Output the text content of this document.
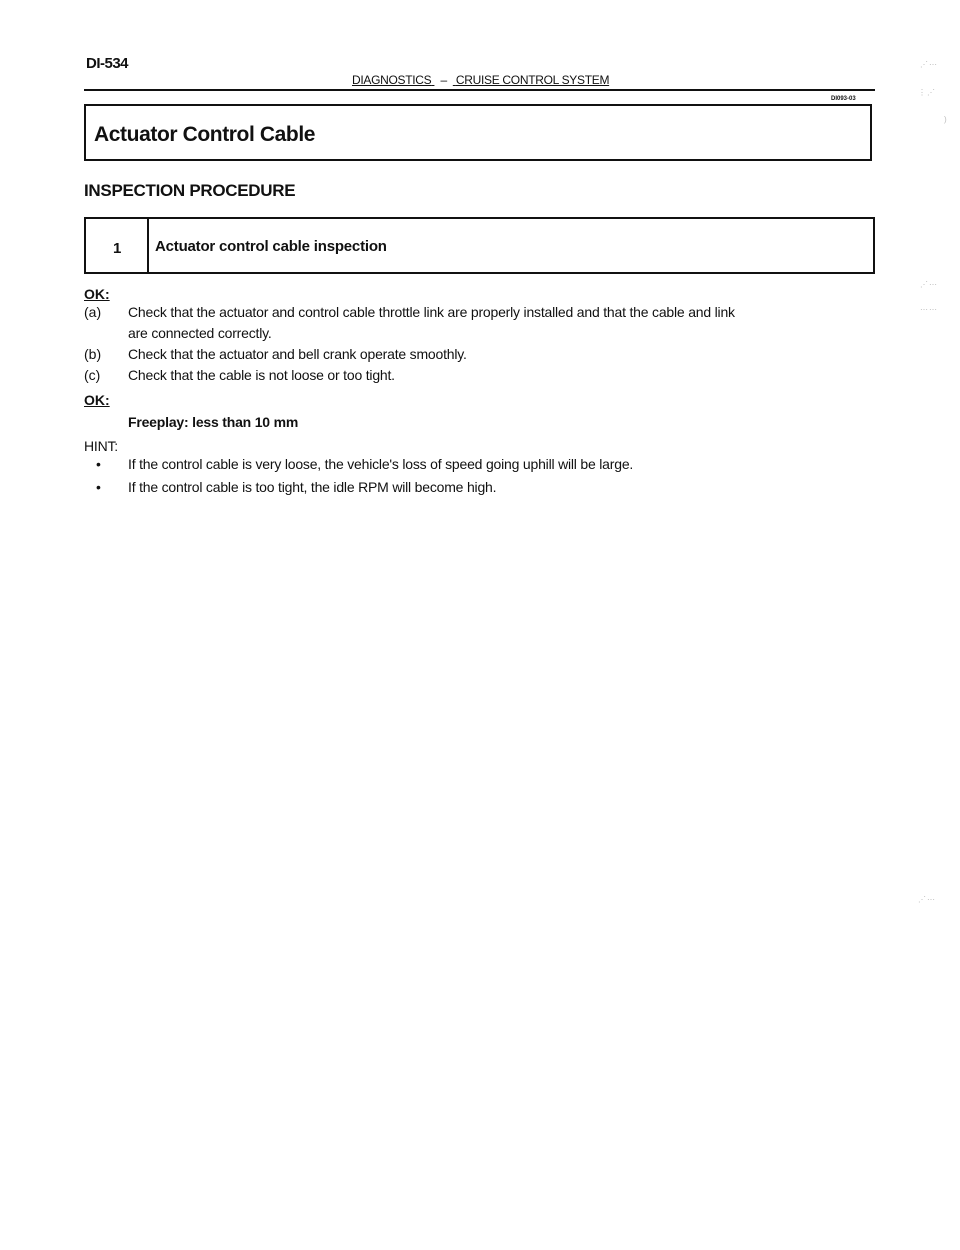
DI-534
DIAGNOSTICS – CRUISE CONTROL SYSTEM
DI093-03
Actuator Control Cable
INSPECTION PROCEDURE
1 Actuator control cable inspection
OK:
(a) Check that the actuator and control cable throttle link are properly installed and that the cable and link
are connected correctly.
(b) Check that the actuator and bell crank operate smoothly.
(c) Check that the cable is not loose or too tight.
OK:
Freeplay: less than 10 mm
HINT:
• If the control cable is very loose, the vehicle's loss of speed going uphill will be large.
• If the control cable is too tight, the idle RPM will become high.
⋰⋯
⋮⋰
)
⋰⋯
⋯⋯
⋰⋯
